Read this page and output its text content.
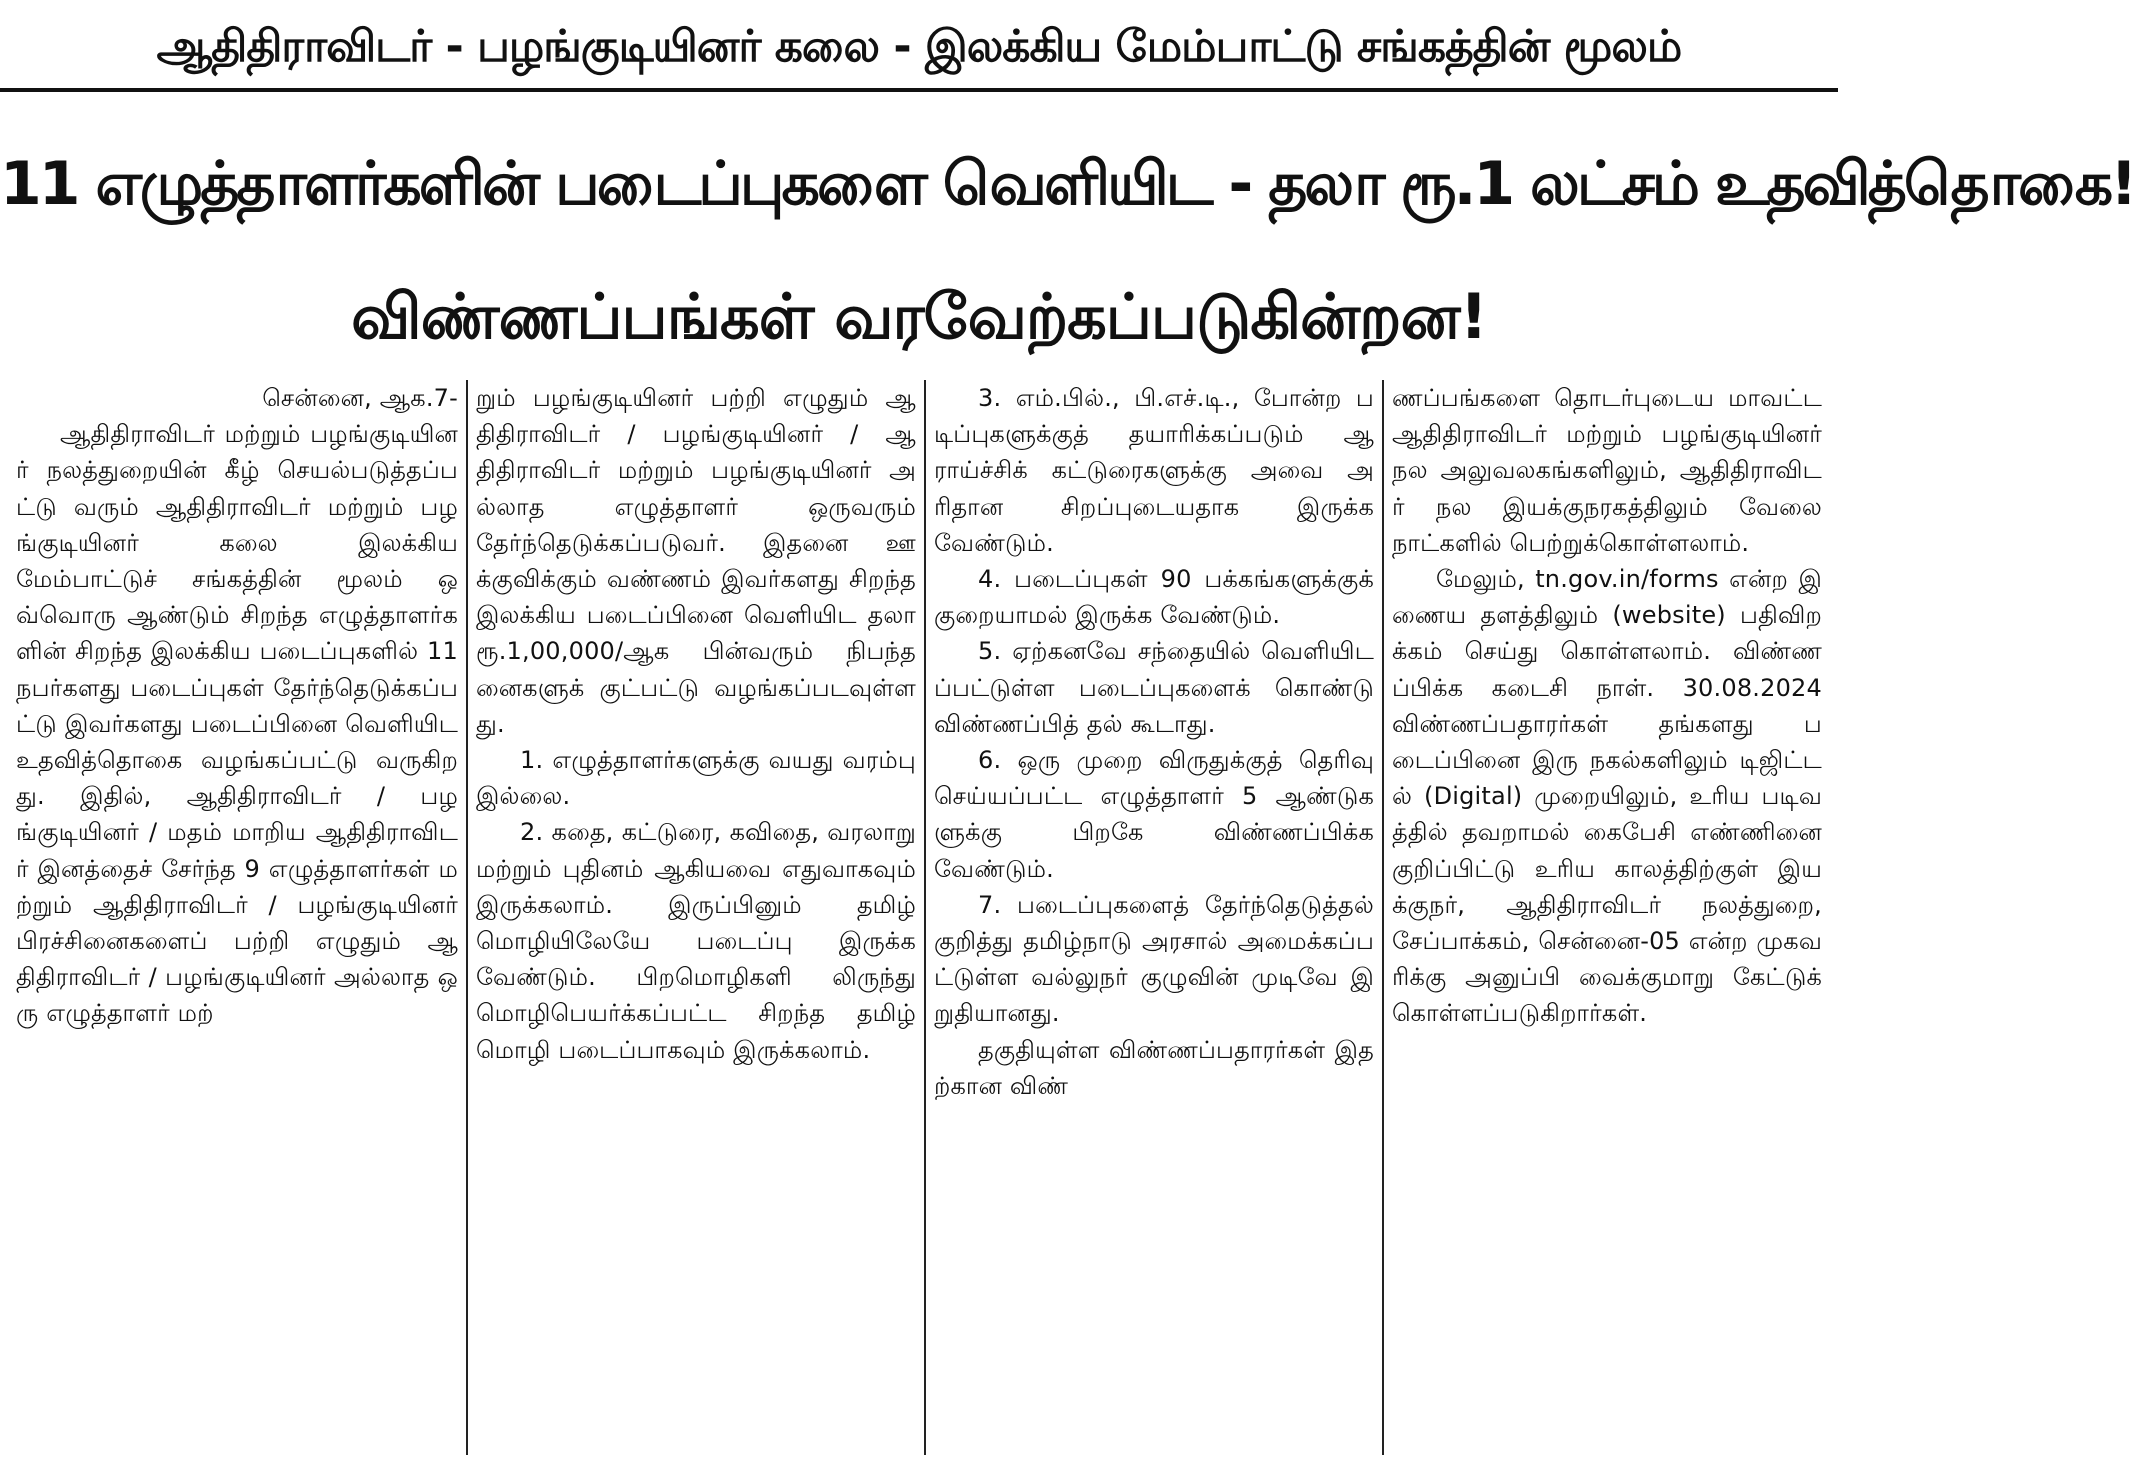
ஆதிதிராவிடர் - பழங்குடியினர் கலை - இலக்கிய மேம்பாட்டு சங்கத்தின் மூலம்
11 எழுத்தாளர்களின் படைப்புகளை வெளியிட - தலா ரூ.1 லட்சம் உதவித்தொகை!
விண்ணப்பங்கள் வரவேற்கப்படுகின்றன!

சென்னை, ஆக.7-

ஆதிதிராவிடர் மற்றும் பழங்குடியினர் நலத்துறையின் கீழ் செயல்படுத்தப்பட்டு வரும் ஆதிதிராவிடர் மற்றும் பழங்குடியினர் கலை இலக்கிய மேம்பாட்டுச் சங்கத்தின் மூலம் ஒவ்வொரு ஆண்டும் சிறந்த எழுத்தாளர்களின் சிறந்த இலக்கிய படைப்புகளில் 11 நபர்களது படைப்புகள் தேர்ந்தெடுக்கப்பட்டு இவர்களது படைப்பினை வெளியிட உதவித்தொகை வழங்கப்பட்டு வருகிறது. இதில், ஆதிதிராவிடர் / பழங்குடியினர் / மதம் மாறிய ஆதிதிராவிடர் இனத்தைச் சேர்ந்த 9 எழுத்தாளர்கள் மற்றும் ஆதிதிராவிடர் / பழங்குடியினர் பிரச்சினைகளைப் பற்றி எழுதும் ஆதிதிராவிடர் / பழங்குடியினர் அல்லாத ஒரு எழுத்தாளர் மற்

றும் பழங்குடியினர் பற்றி எழுதும் ஆதிதிராவிடர் / பழங்குடியினர் / ஆதிதிராவிடர் மற்றும் பழங்குடியினர் அல்லாத எழுத்தாளர் ஒருவரும் தேர்ந்தெடுக்கப்படுவர். இதனை ஊக்குவிக்கும் வண்ணம் இவர்களது சிறந்த இலக்கிய படைப்பினை வெளியிட தலா ரூ.1,00,000/ஆக பின்வரும் நிபந்தனைகளுக் குட்பட்டு வழங்கப்படவுள்ளது.

1. எழுத்தாளர்களுக்கு வயது வரம்பு இல்லை.

2. கதை, கட்டுரை, கவிதை, வரலாறு மற்றும் புதினம் ஆகியவை எதுவாகவும் இருக்கலாம். இருப்பினும் தமிழ் மொழியிலேயே படைப்பு இருக்க வேண்டும். பிறமொழிகளி லிருந்து மொழிபெயர்க்கப்பட்ட சிறந்த தமிழ் மொழி படைப்பாகவும் இருக்கலாம்.

3. எம்.பில்., பி.எச்.டி., போன்ற படிப்புகளுக்குத் தயாரிக்கப்படும் ஆராய்ச்சிக் கட்டுரைகளுக்கு அவை அரிதான சிறப்புடையதாக இருக்க வேண்டும்.

4. படைப்புகள் 90 பக்கங்களுக்குக் குறையாமல் இருக்க வேண்டும்.

5. ஏற்கனவே சந்தையில் வெளியிடப்பட்டுள்ள படைப்புகளைக் கொண்டு விண்ணப்பித் தல் கூடாது.

6. ஒரு முறை விருதுக்குத் தெரிவு செய்யப்பட்ட எழுத்தாளர் 5 ஆண்டுகளுக்கு பிறகே விண்ணப்பிக்க வேண்டும்.

7. படைப்புகளைத் தேர்ந்தெடுத்தல் குறித்து தமிழ்நாடு அரசால் அமைக்கப்பட்டுள்ள வல்லுநர் குழுவின் முடிவே இறுதியானது.

தகுதியுள்ள விண்ணப்பதாரர்கள் இதற்கான விண்

ணப்பங்களை தொடர்புடைய மாவட்ட ஆதிதிராவிடர் மற்றும் பழங்குடியினர் நல அலுவலகங்களிலும், ஆதிதிராவிடர் நல இயக்குநரகத்திலும் வேலை நாட்களில் பெற்றுக்கொள்ளலாம்.

மேலும், tn.gov.in/forms என்ற இணைய தளத்திலும் (website) பதிவிறக்கம் செய்து கொள்ளலாம். விண்ணப்பிக்க கடைசி நாள். 30.08.2024 விண்ணப்பதாரர்கள் தங்களது படைப்பினை இரு நகல்களிலும் டிஜிட்டல் (Digital) முறையிலும், உரிய படிவத்தில் தவறாமல் கைபேசி எண்ணினை குறிப்பிட்டு உரிய காலத்திற்குள் இயக்குநர், ஆதிதிராவிடர் நலத்துறை, சேப்பாக்கம், சென்னை-05 என்ற முகவரிக்கு அனுப்பி வைக்குமாறு கேட்டுக் கொள்ளப்படுகிறார்கள்.
